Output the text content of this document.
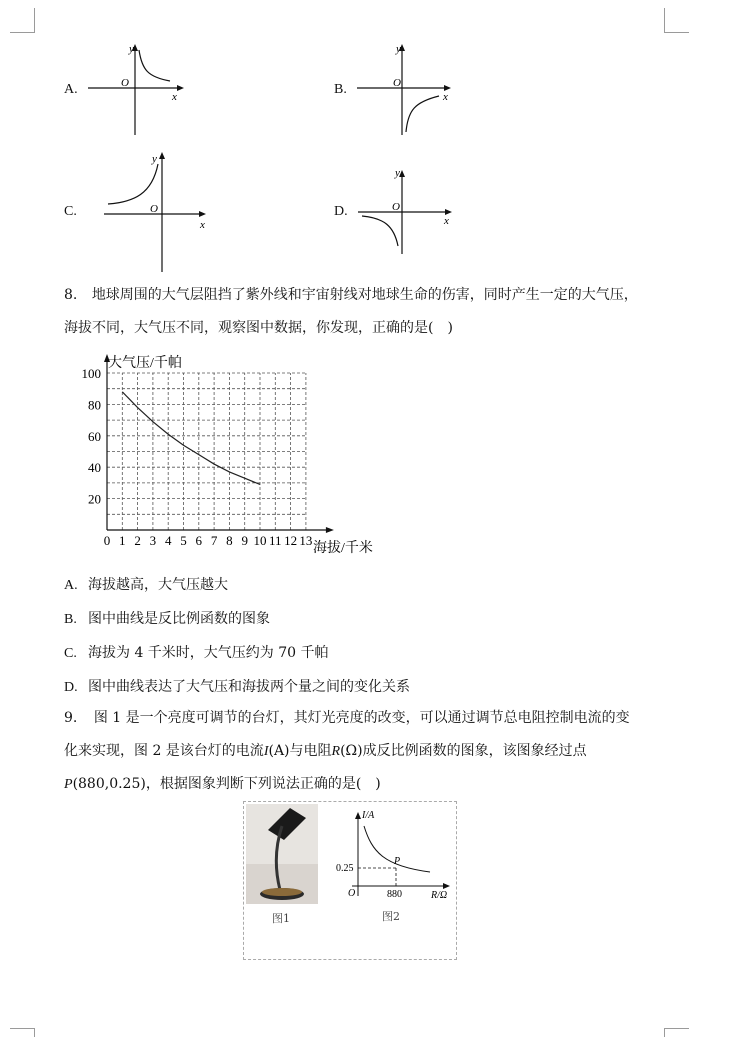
A.	B.
C.	D.
y
x
O
y
x
O
y
x
O
y
x
O
8. 地球周围的大气层阻挡了紫外线和宇宙射线对地球生命的伤害，同时产生一定的大气压，
海拔不同，大气压不同，观察图中数据，你发现，正确的是(　)
0 1 2 3 4 5 6 7 8 9 10 11 12 13
20
40
60
80
100
大气压/千帕
海拔/千米
A. 海拔越高，大气压越大
B. 图中曲线是反比例函数的图象
C. 海拔为 4 千米时，大气压约为 70 千帕
D. 图中曲线表达了大气压和海拔两个量之间的变化关系
9. 图 1 是一个亮度可调节的台灯，其灯光亮度的改变，可以通过调节总电阻控制电流的变
化来实现，图 2 是该台灯的电流I(A)与电阻R(Ω)成反比例函数的图象，该图象经过点
P(880,0.25)，根据图象判断下列说法正确的是(　)
图1
I/A
R/Ω
O
0.25
880
P
图2
